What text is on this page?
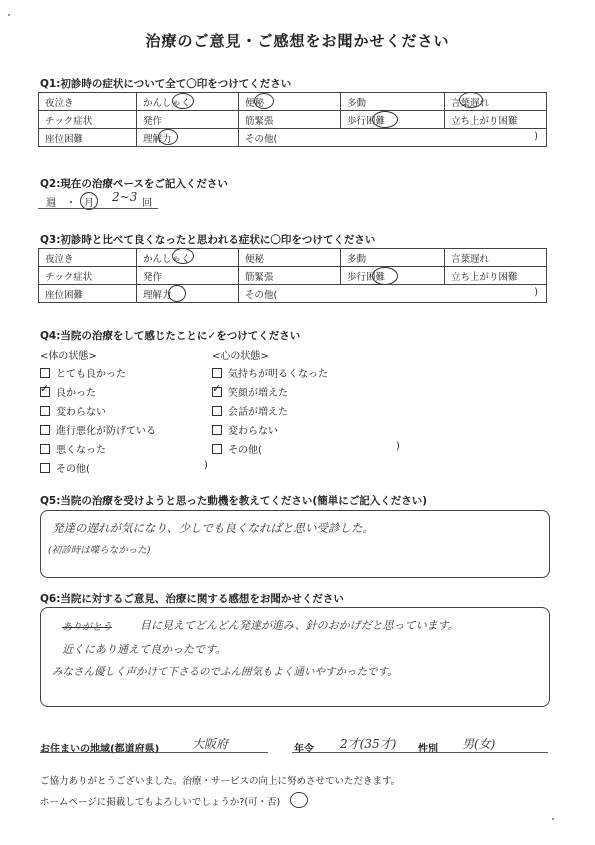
治療のご意見・ご感想をお聞かせください
Q1:初診時の症状について全て〇印をつけてください
夜泣き	かんしゃく	便秘	多動	言葉遅れ
チック症状	発作	筋緊張	歩行困難	立ち上がり困難
座位困難	理解力	その他( )		
Q2:現在の治療ペースをご記入ください
週 ・ 月 2~3 回
Q3:初診時と比べて良くなったと思われる症状に〇印をつけてください
夜泣き	かんしゃく	便秘	多動	言葉遅れ
チック症状	発作	筋緊張	歩行困難	立ち上がり困難
座位困難	理解力	その他( )		
Q4:当院の治療をして感じたことに✓をつけてください
<体の状態>	<心の状態>
とても良かった
✓ 良かった
変わらない
進行悪化が防げている
悪くなった
その他(	)
気持ちが明るくなった
✓ 笑顔が増えた
会話が増えた
変わらない
その他(	)
Q5:当院の治療を受けようと思った動機を教えてください(簡単にご記入ください)
発達の遅れが気になり、少しでも良くなればと思い受診した。
(初診時は喋らなかった)
Q6:当院に対するご意見、治療に関する感想をお聞かせください
ありがとう	目に見えてどんどん発達が進み、針のおかげだと思っています。
近くにあり通えて良かったです。
みなさん優しく声かけて下さるのでふん囲気もよく通いやすかったです。
お住まいの地域(都道府県)	大阪府	年令 2才(35才) 性別 男(女)
ご協力ありがとうございました。治療・サービスの向上に努めさせていただきます。
ホームページに掲載してもよろしいでしょうか?(可・否)
